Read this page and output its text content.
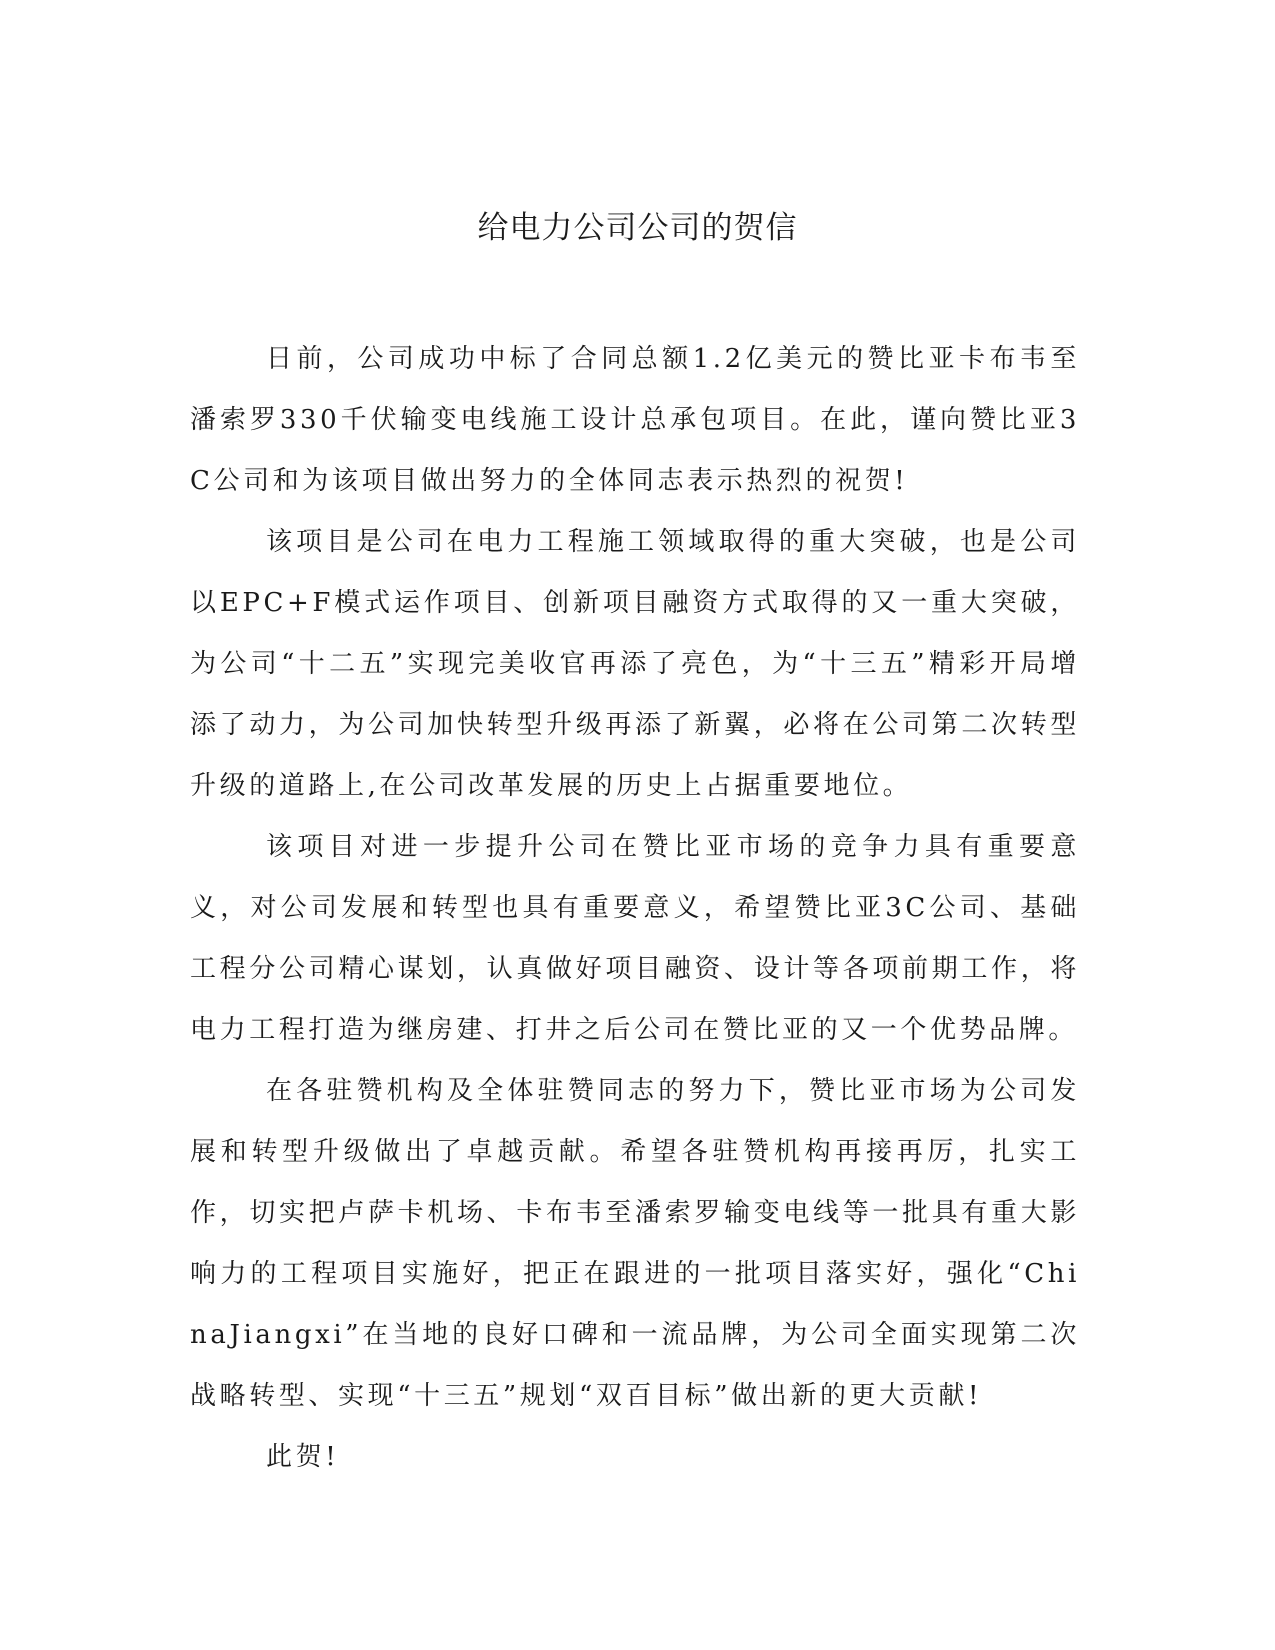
给电力公司公司的贺信

日前，公司成功中标了合同总额1.2亿美元的赞比亚卡布韦至潘索罗330千伏输变电线施工设计总承包项目。在此，谨向赞比亚3C公司和为该项目做出努力的全体同志表示热烈的祝贺!

该项目是公司在电力工程施工领域取得的重大突破，也是公司以EPC+F模式运作项目、创新项目融资方式取得的又一重大突破，为公司“十二五”实现完美收官再添了亮色，为“十三五”精彩开局增添了动力，为公司加快转型升级再添了新翼，必将在公司第二次转型升级的道路上,在公司改革发展的历史上占据重要地位。

该项目对进一步提升公司在赞比亚市场的竞争力具有重要意义，对公司发展和转型也具有重要意义，希望赞比亚3C公司、基础工程分公司精心谋划，认真做好项目融资、设计等各项前期工作，将电力工程打造为继房建、打井之后公司在赞比亚的又一个优势品牌。

在各驻赞机构及全体驻赞同志的努力下，赞比亚市场为公司发展和转型升级做出了卓越贡献。希望各驻赞机构再接再厉，扎实工作，切实把卢萨卡机场、卡布韦至潘索罗输变电线等一批具有重大影响力的工程项目实施好，把正在跟进的一批项目落实好，强化“ChinaJiangxi”在当地的良好口碑和一流品牌，为公司全面实现第二次战略转型、实现“十三五”规划“双百目标”做出新的更大贡献!

此贺!
